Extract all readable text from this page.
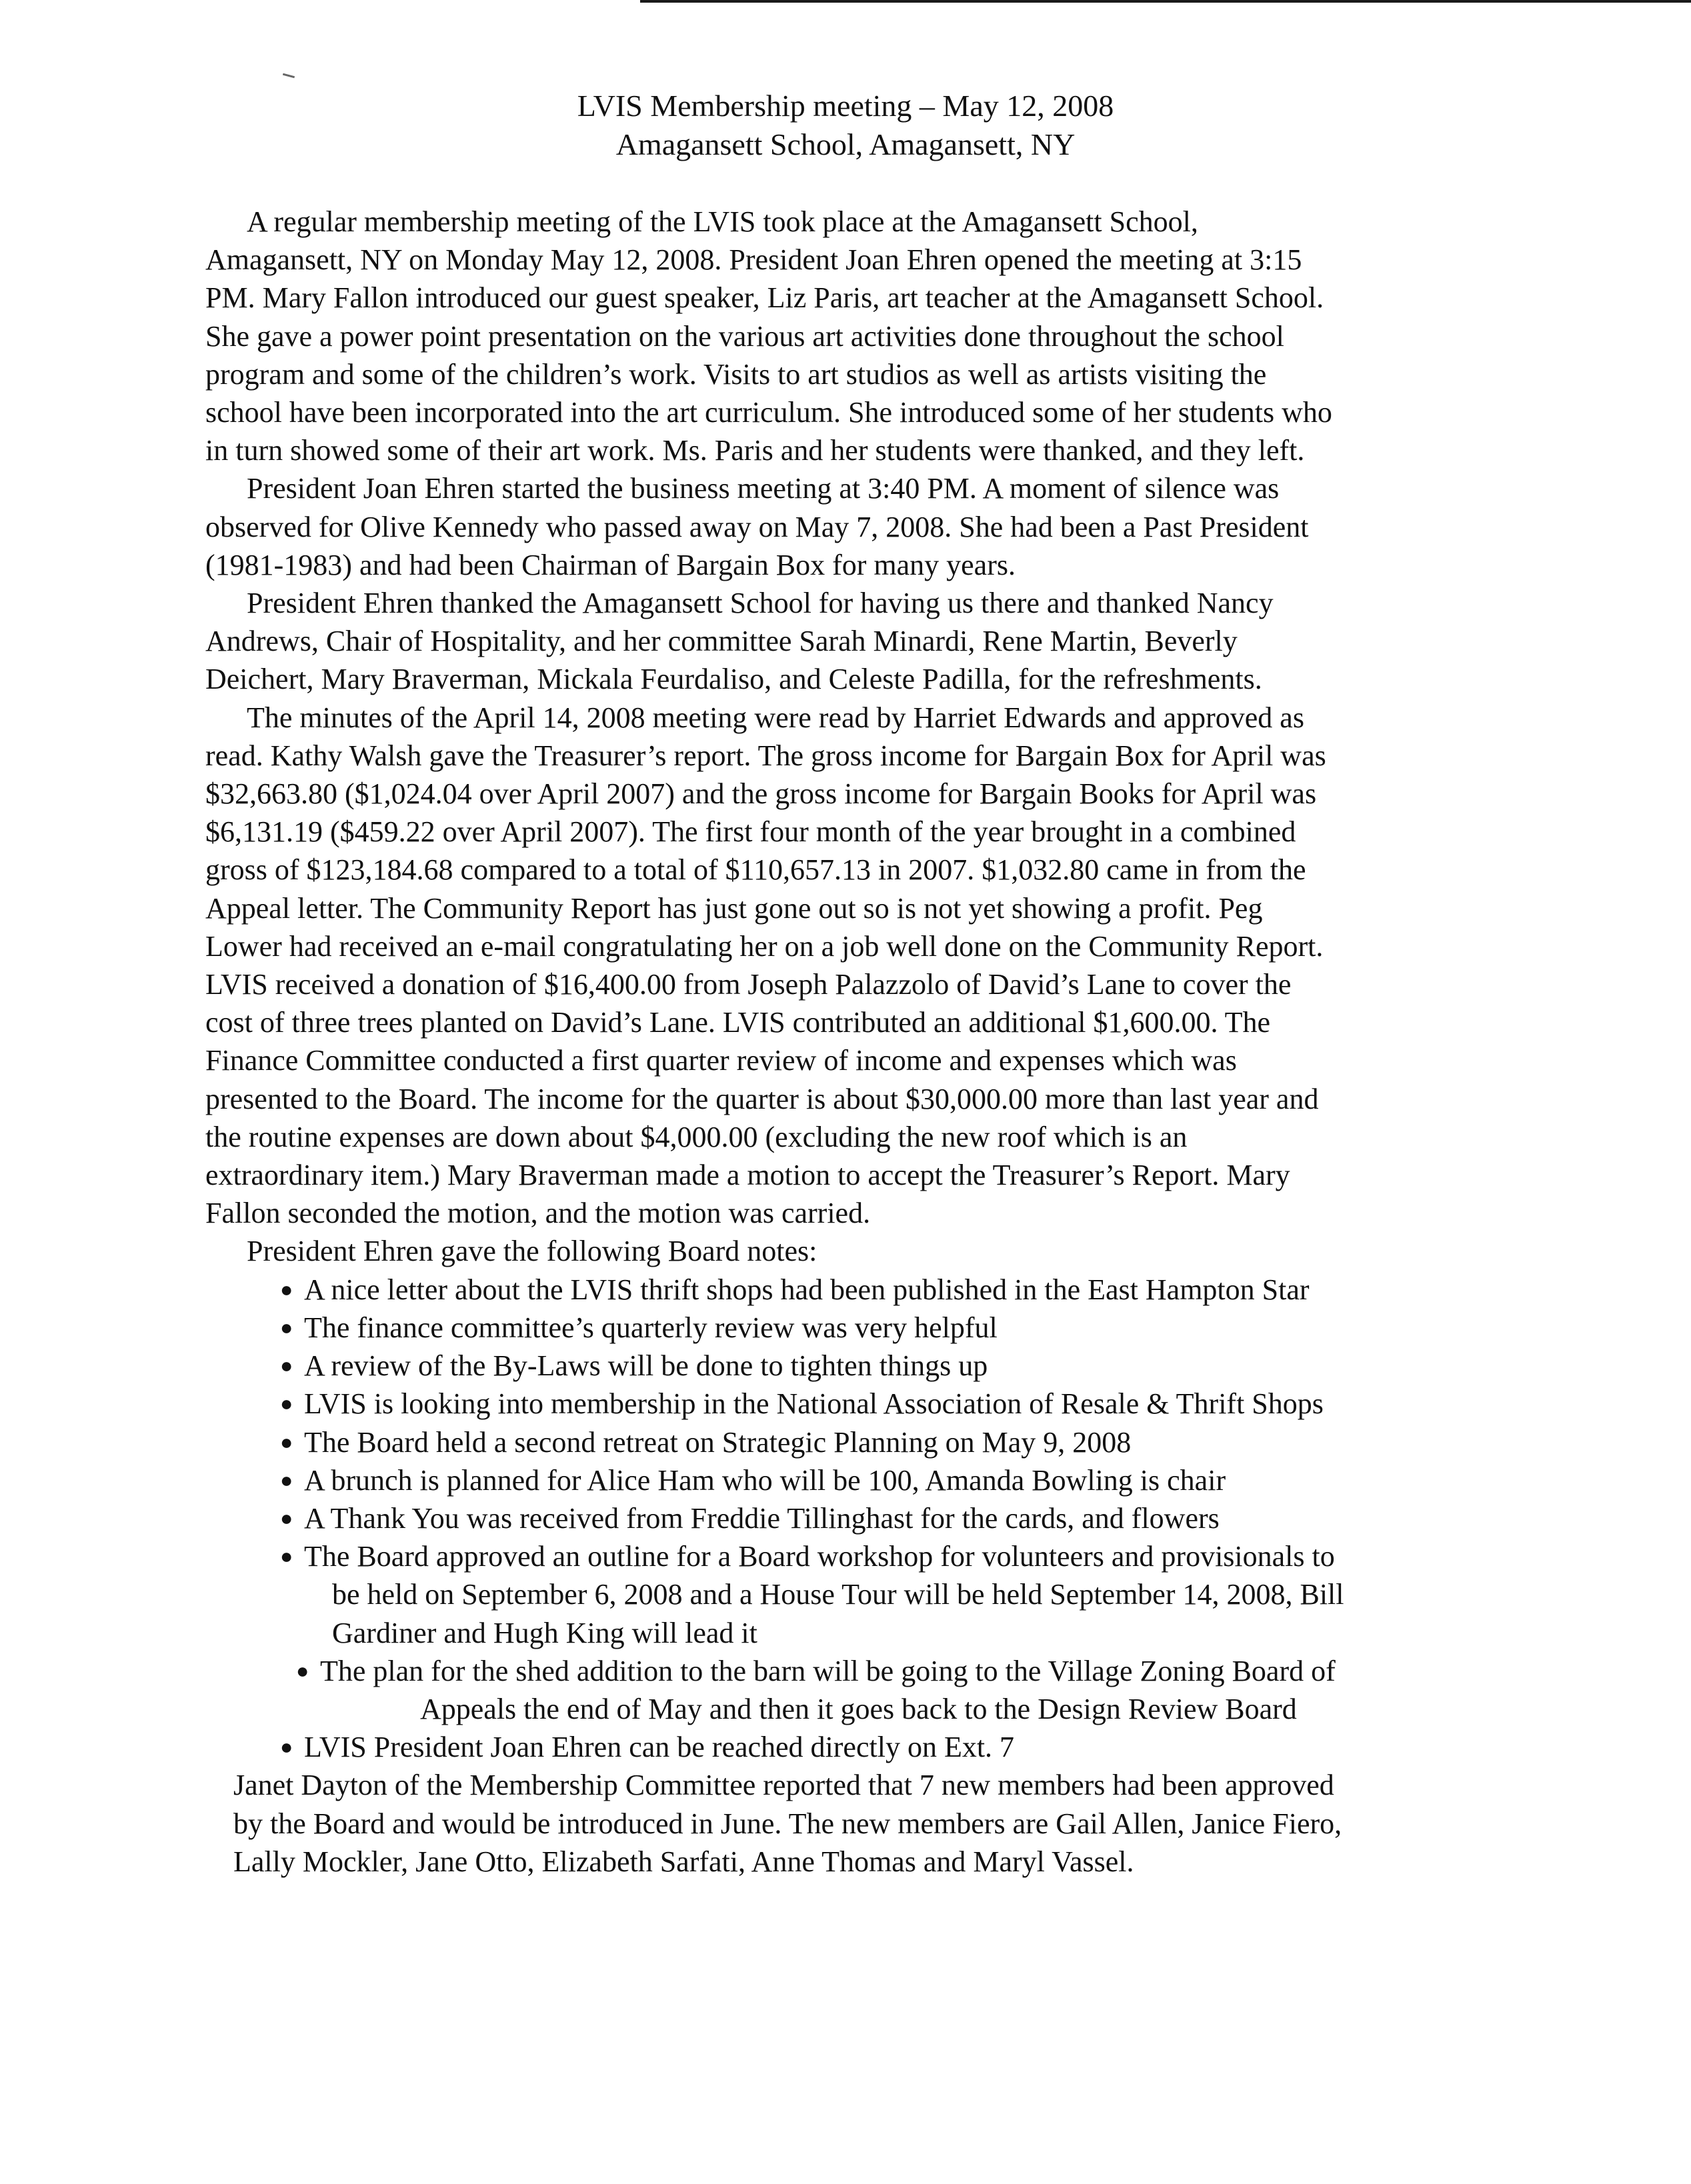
LVIS Membership meeting – May 12, 2008
Amagansett School, Amagansett, NY
A regular membership meeting of the LVIS took place at the Amagansett School,
Amagansett, NY on Monday May 12, 2008. President Joan Ehren opened the meeting at 3:15
PM. Mary Fallon introduced our guest speaker, Liz Paris, art teacher at the Amagansett School.
She gave a power point presentation on the various art activities done throughout the school
program and some of the children’s work. Visits to art studios as well as artists visiting the
school have been incorporated into the art curriculum. She introduced some of her students who
in turn showed some of their art work. Ms. Paris and her students were thanked, and they left.
President Joan Ehren started the business meeting at 3:40 PM. A moment of silence was
observed for Olive Kennedy who passed away on May 7, 2008. She had been a Past President
(1981-1983) and had been Chairman of Bargain Box for many years.
President Ehren thanked the Amagansett School for having us there and thanked Nancy
Andrews, Chair of Hospitality, and her committee Sarah Minardi, Rene Martin, Beverly
Deichert, Mary Braverman, Mickala Feurdaliso, and Celeste Padilla, for the refreshments.
The minutes of the April 14, 2008 meeting were read by Harriet Edwards and approved as
read. Kathy Walsh gave the Treasurer’s report. The gross income for Bargain Box for April was
$32,663.80 ($1,024.04 over April 2007) and the gross income for Bargain Books for April was
$6,131.19 ($459.22 over April 2007). The first four month of the year brought in a combined
gross of $123,184.68 compared to a total of $110,657.13 in 2007. $1,032.80 came in from the
Appeal letter. The Community Report has just gone out so is not yet showing a profit. Peg
Lower had received an e-mail congratulating her on a job well done on the Community Report.
LVIS received a donation of $16,400.00 from Joseph Palazzolo of David’s Lane to cover the
cost of three trees planted on David’s Lane. LVIS contributed an additional $1,600.00. The
Finance Committee conducted a first quarter review of income and expenses which was
presented to the Board. The income for the quarter is about $30,000.00 more than last year and
the routine expenses are down about $4,000.00 (excluding the new roof which is an
extraordinary item.) Mary Braverman made a motion to accept the Treasurer’s Report. Mary
Fallon seconded the motion, and the motion was carried.
President Ehren gave the following Board notes:
● A nice letter about the LVIS thrift shops had been published in the East Hampton Star
● The finance committee’s quarterly review was very helpful
● A review of the By-Laws will be done to tighten things up
● LVIS is looking into membership in the National Association of Resale & Thrift Shops
● The Board held a second retreat on Strategic Planning on May 9, 2008
● A brunch is planned for Alice Ham who will be 100, Amanda Bowling is chair
● A Thank You was received from Freddie Tillinghast for the cards, and flowers
● The Board approved an outline for a Board workshop for volunteers and provisionals to
be held on September 6, 2008 and a House Tour will be held September 14, 2008, Bill
Gardiner and Hugh King will lead it
● The plan for the shed addition to the barn will be going to the Village Zoning Board of
Appeals the end of May and then it goes back to the Design Review Board
● LVIS President Joan Ehren can be reached directly on Ext. 7
Janet Dayton of the Membership Committee reported that 7 new members had been approved
by the Board and would be introduced in June. The new members are Gail Allen, Janice Fiero,
Lally Mockler, Jane Otto, Elizabeth Sarfati, Anne Thomas and Maryl Vassel.
